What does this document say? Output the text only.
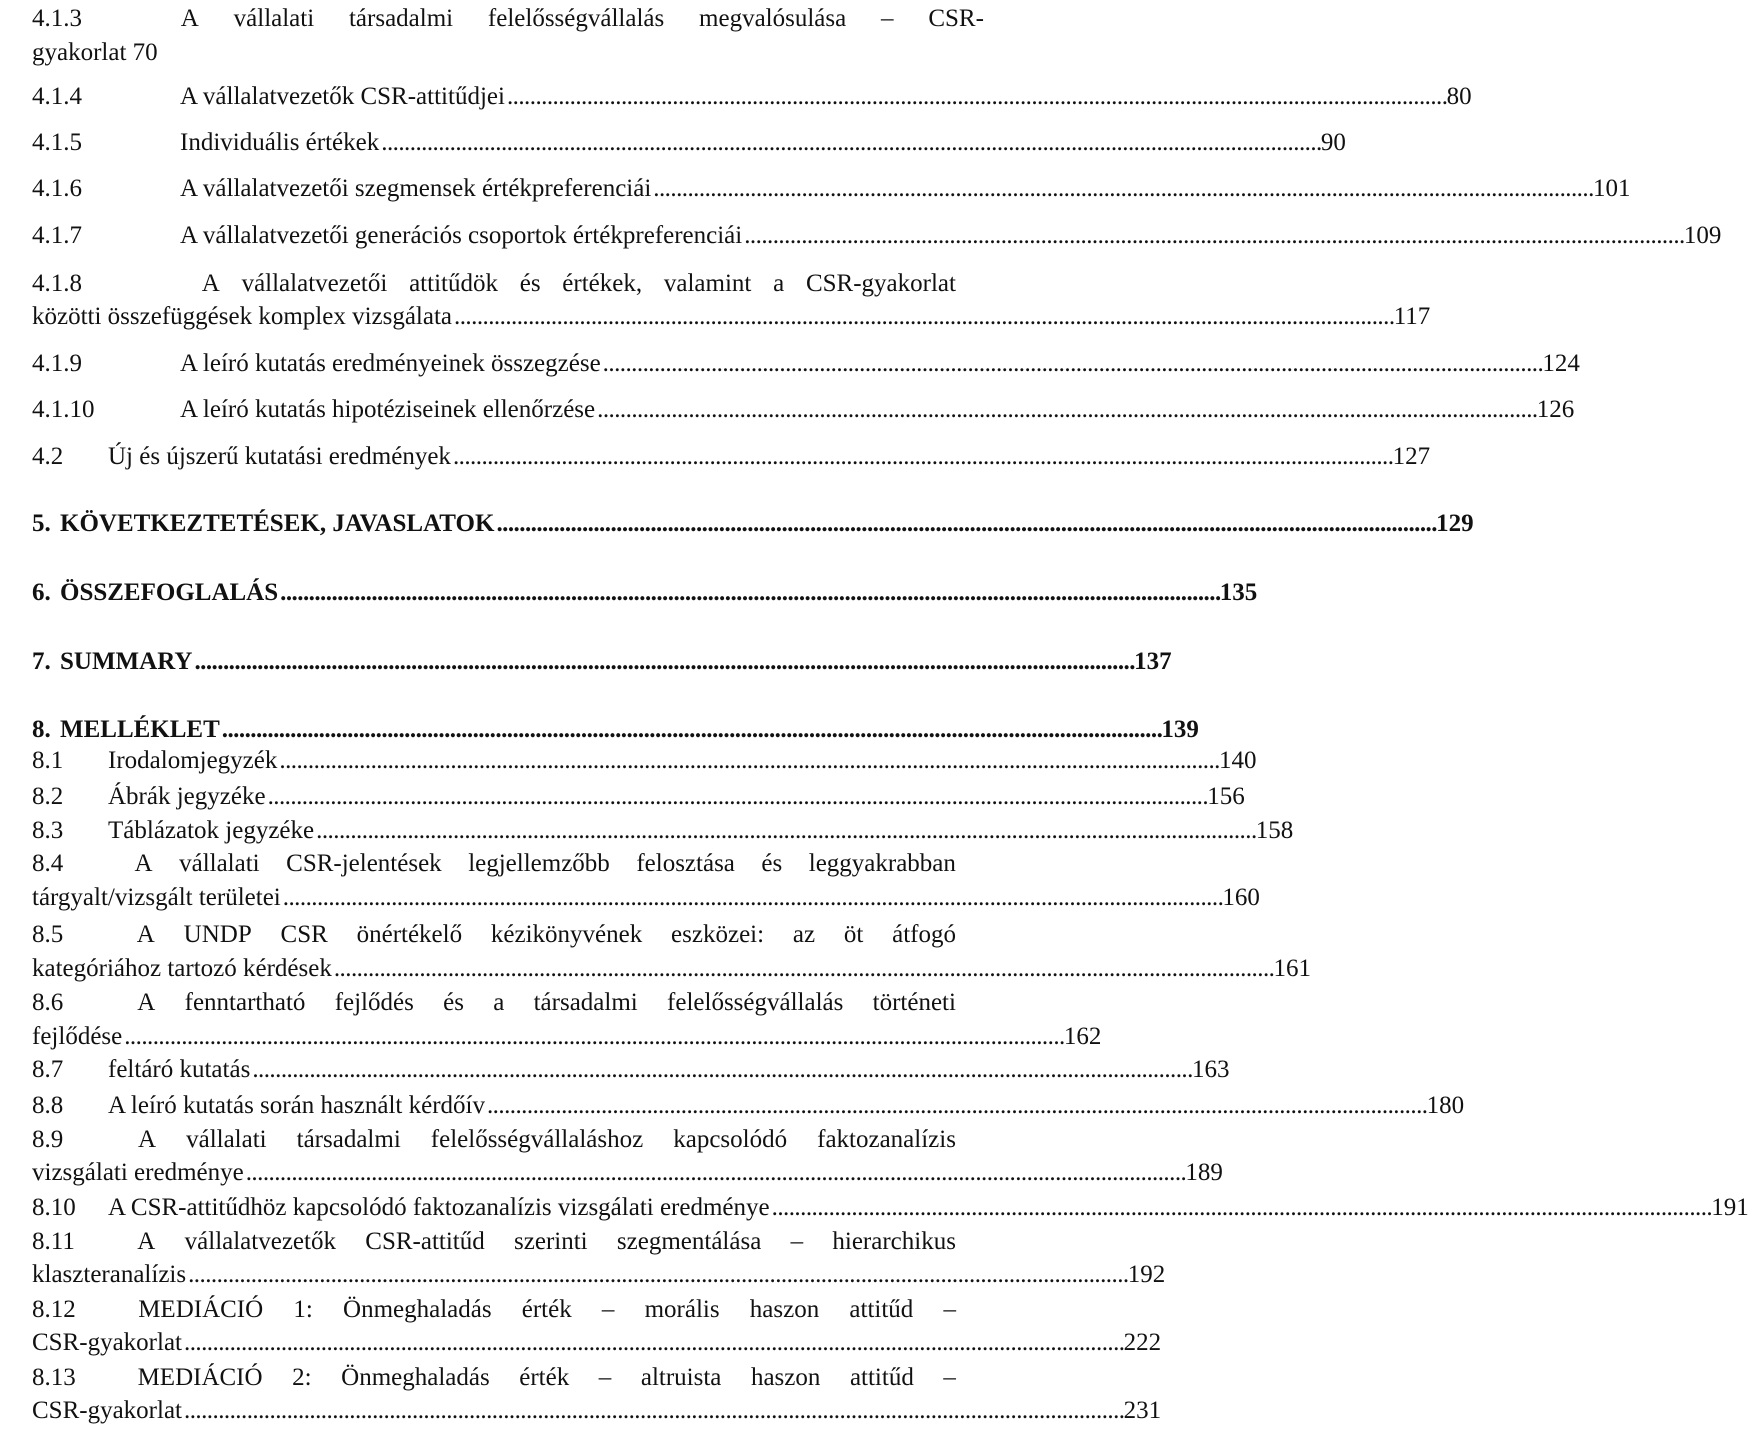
4.1.3	A vállalati társadalmi felelősségvállalás megvalósulása – CSR-
gyakorlat 70
4.1.4	A vállalatvezetők CSR-attitűdjei . . .	80
4.1.5	Individuális értékek . . .	90
4.1.6	A vállalatvezetői szegmensek értékpreferenciái . . .	101
4.1.7	A vállalatvezetői generációs csoportok értékpreferenciái . . .	109
4.1.9	A leíró kutatás eredményeinek összegzése . . .	124
4.1.10	A leíró kutatás hipotéziseinek ellenőrzése . . .	126
4.2	Új és újszerű kutatási eredmények . . .	127
5. KÖVETKEZTETÉSEK, JAVASLATOK . . .	129
6. ÖSSZEFOGLALÁS . . .	135
7. SUMMARY . . .	137
8. MELLÉKLET . . .	139
8.1	Irodalomjegyzék . . .	140
8.2	Ábrák jegyzéke . . .	156
8.3	Táblázatok jegyzéke . . .	158
8.7	feltáró kutatás . . .	163
8.8	A leíró kutatás során használt kérdőív . . .	180
8.10	A CSR-attitűdhöz kapcsolódó faktozanalízis vizsgálati eredménye . . .	191
4.1.8	A vállalatvezetői attitűdök és értékek, valamint a CSR-gyakorlat
közötti összefüggések komplex vizsgálata . . .	117
8.4	A vállalati CSR-jelentések legjellemzőbb felosztása és leggyakrabban
tárgyalt/vizsgált területei . . .	160
8.5	A UNDP CSR önértékelő kézikönyvének eszközei: az öt átfogó
kategóriához tartozó kérdések . . .	161
8.6	A fenntartható fejlődés és a társadalmi felelősségvállalás történeti
fejlődése . . .	162
8.9	A vállalati társadalmi felelősségvállaláshoz kapcsolódó faktozanalízis
vizsgálati eredménye . . .	189
8.11	A vállalatvezetők CSR-attitűd szerinti szegmentálása – hierarchikus
klaszteranalízis . . .	192
8.12	MEDIÁCIÓ 1: Önmeghaladás érték – morális haszon attitűd –
CSR-gyakorlat . . .	222
8.13	MEDIÁCIÓ 2: Önmeghaladás érték – altruista haszon attitűd –
CSR-gyakorlat . . .	231
